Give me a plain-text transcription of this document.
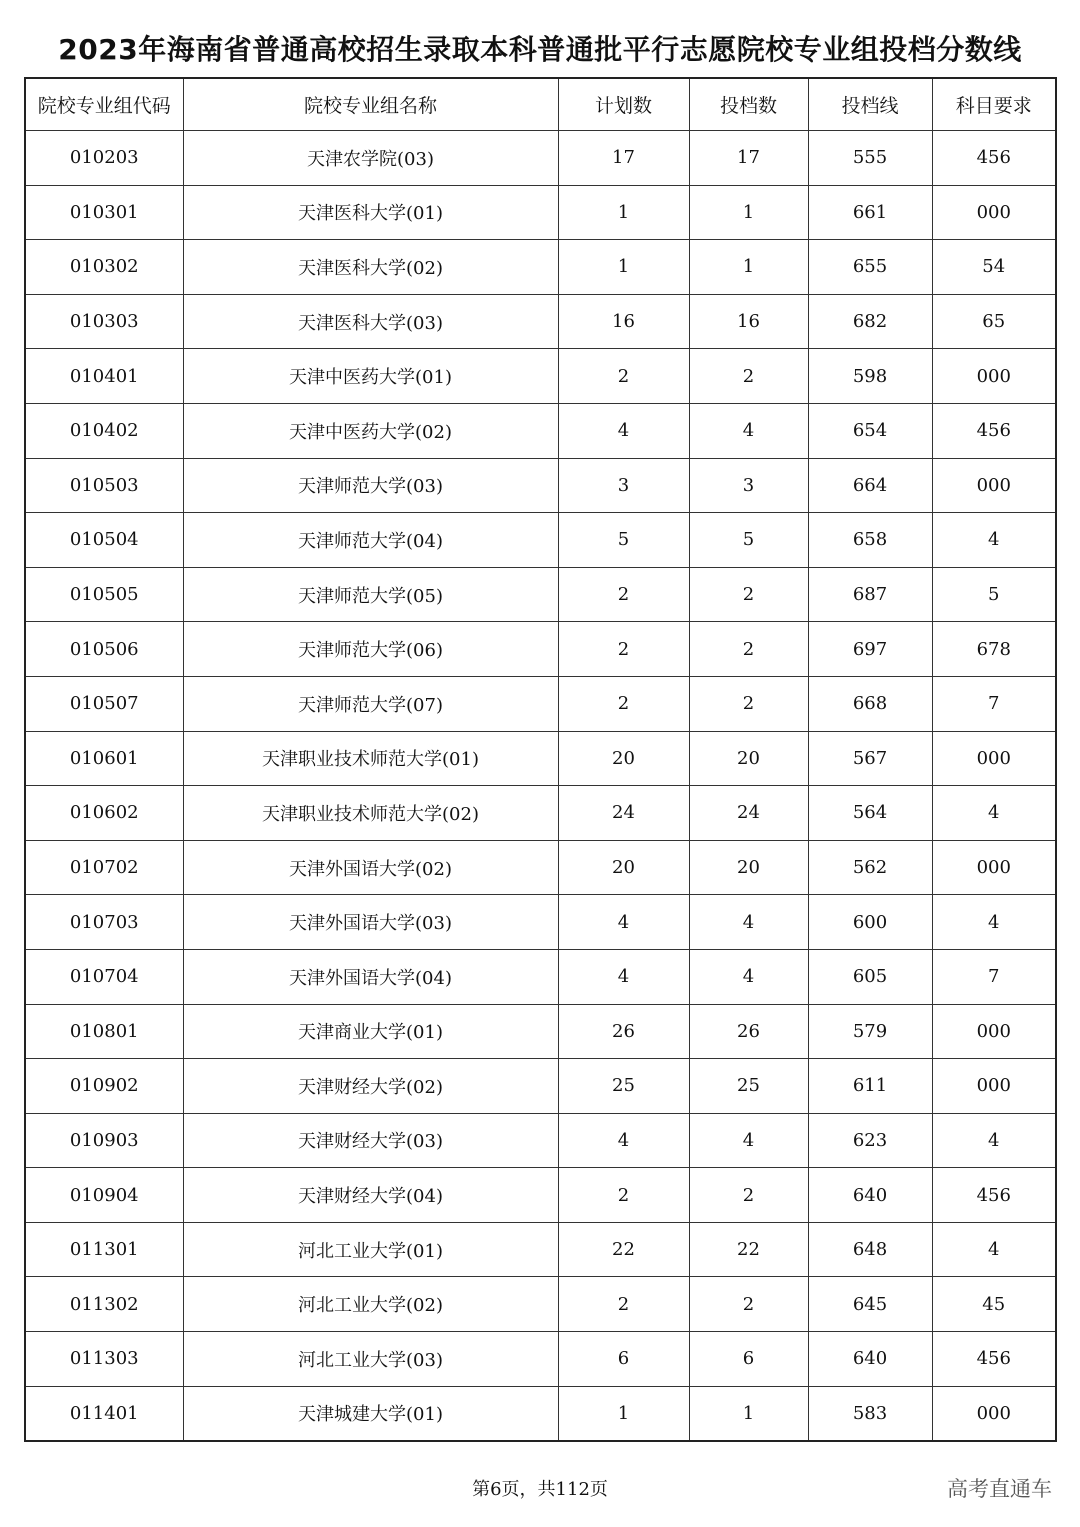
2023年海南省普通高校招生录取本科普通批平行志愿院校专业组投档分数线
院校专业组代码	院校专业组名称	计划数	投档数	投档线	科目要求
010203	天津农学院(03)	17	17	555	456
010301	天津医科大学(01)	1	1	661	000
010302	天津医科大学(02)	1	1	655	54
010303	天津医科大学(03)	16	16	682	65
010401	天津中医药大学(01)	2	2	598	000
010402	天津中医药大学(02)	4	4	654	456
010503	天津师范大学(03)	3	3	664	000
010504	天津师范大学(04)	5	5	658	4
010505	天津师范大学(05)	2	2	687	5
010506	天津师范大学(06)	2	2	697	678
010507	天津师范大学(07)	2	2	668	7
010601	天津职业技术师范大学(01)	20	20	567	000
010602	天津职业技术师范大学(02)	24	24	564	4
010702	天津外国语大学(02)	20	20	562	000
010703	天津外国语大学(03)	4	4	600	4
010704	天津外国语大学(04)	4	4	605	7
010801	天津商业大学(01)	26	26	579	000
010902	天津财经大学(02)	25	25	611	000
010903	天津财经大学(03)	4	4	623	4
010904	天津财经大学(04)	2	2	640	456
011301	河北工业大学(01)	22	22	648	4
011302	河北工业大学(02)	2	2	645	45
011303	河北工业大学(03)	6	6	640	456
011401	天津城建大学(01)	1	1	583	000
第6页，共112页	高考直通车
